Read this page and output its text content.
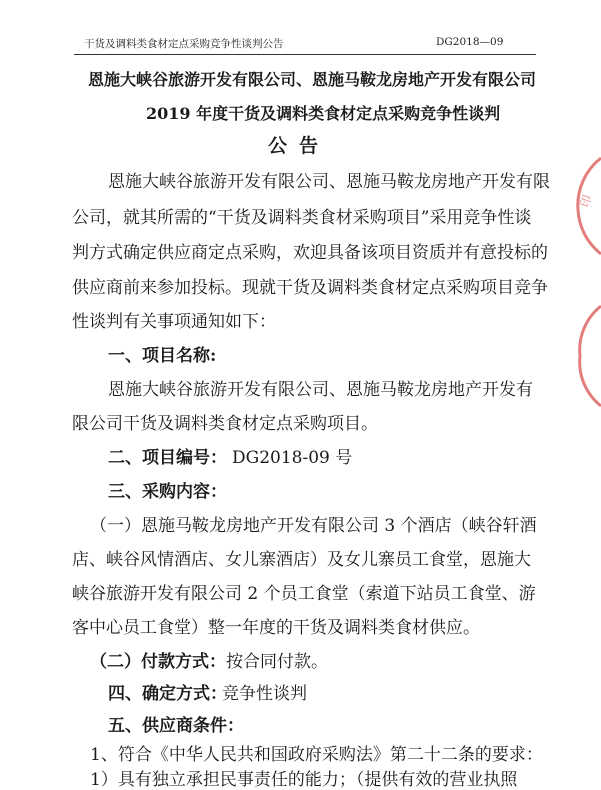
干货及调料类食材定点采购竞争性谈判公告	DG2018—09
恩施大峡谷旅游开发有限公司、恩施马鞍龙房地产开发有限公司
2019 年度干货及调料类食材定点采购竞争性谈判
公告
恩施大峡谷旅游开发有限公司、恩施马鞍龙房地产开发有限
公司，就其所需的“干货及调料类食材采购项目”采用竞争性谈
判方式确定供应商定点采购，欢迎具备该项目资质并有意投标的
供应商前来参加投标。现就干货及调料类食材定点采购项目竞争
性谈判有关事项通知如下：
一、项目名称:
恩施大峡谷旅游开发有限公司、恩施马鞍龙房地产开发有
限公司干货及调料类食材定点采购项目。
二、项目编号： DG2018-09 号
三、采购内容：
（一）恩施马鞍龙房地产开发有限公司 3 个酒店（峡谷轩酒
店、峡谷风情酒店、女儿寨酒店）及女儿寨员工食堂，恩施大
峡谷旅游开发有限公司 2 个员工食堂（索道下站员工食堂、游
客中心员工食堂）整一年度的干货及调料类食材供应。
（二）付款方式： 按合同付款。
四、确定方式：
竞争性谈判
五、供应商条件：
1、符合《中华人民共和国政府采购法》第二十二条的要求：
1）具有独立承担民事责任的能力；（提供有效的营业执照
印
